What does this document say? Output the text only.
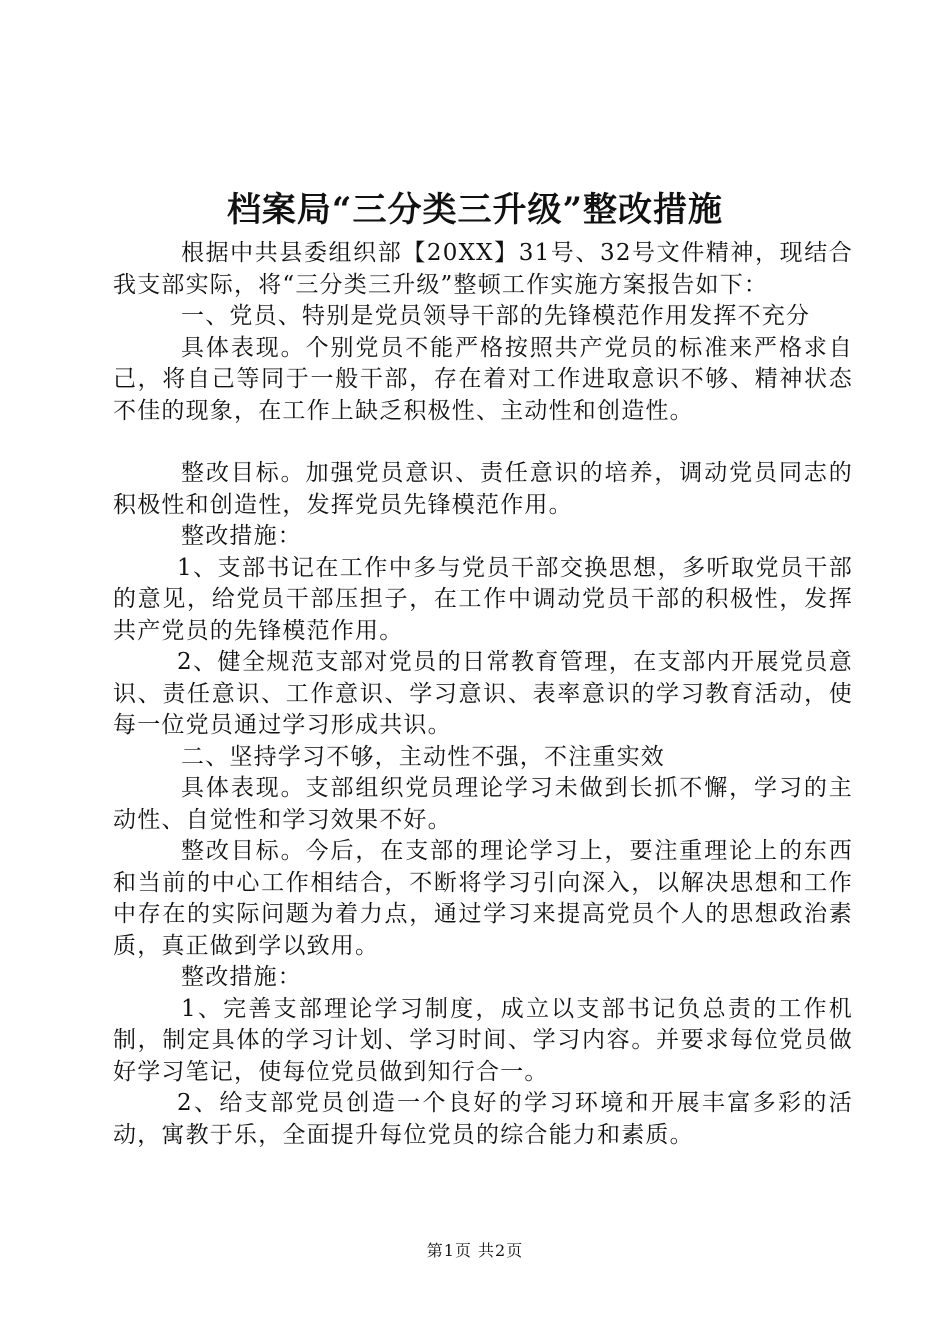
档案局“三分类三升级”整改措施

根据中共县委组织部【20XX】31号、32号文件精神，现结合我支部实际，将“三分类三升级”整顿工作实施方案报告如下：

一、党员、特别是党员领导干部的先锋模范作用发挥不充分

具体表现。个别党员不能严格按照共产党员的标准来严格求自己，将自己等同于一般干部，存在着对工作进取意识不够、精神状态不佳的现象，在工作上缺乏积极性、主动性和创造性。

整改目标。加强党员意识、责任意识的培养，调动党员同志的积极性和创造性，发挥党员先锋模范作用。

整改措施：

1、支部书记在工作中多与党员干部交换思想，多听取党员干部的意见，给党员干部压担子，在工作中调动党员干部的积极性，发挥共产党员的先锋模范作用。

2、健全规范支部对党员的日常教育管理，在支部内开展党员意识、责任意识、工作意识、学习意识、表率意识的学习教育活动，使每一位党员通过学习形成共识。

二、坚持学习不够，主动性不强，不注重实效

具体表现。支部组织党员理论学习未做到长抓不懈，学习的主动性、自觉性和学习效果不好。

整改目标。今后，在支部的理论学习上，要注重理论上的东西和当前的中心工作相结合，不断将学习引向深入，以解决思想和工作中存在的实际问题为着力点，通过学习来提高党员个人的思想政治素质，真正做到学以致用。

整改措施：

1、完善支部理论学习制度，成立以支部书记负总责的工作机制，制定具体的学习计划、学习时间、学习内容。并要求每位党员做好学习笔记，使每位党员做到知行合一。

2、给支部党员创造一个良好的学习环境和开展丰富多彩的活动，寓教于乐，全面提升每位党员的综合能力和素质。

第1页 共2页
